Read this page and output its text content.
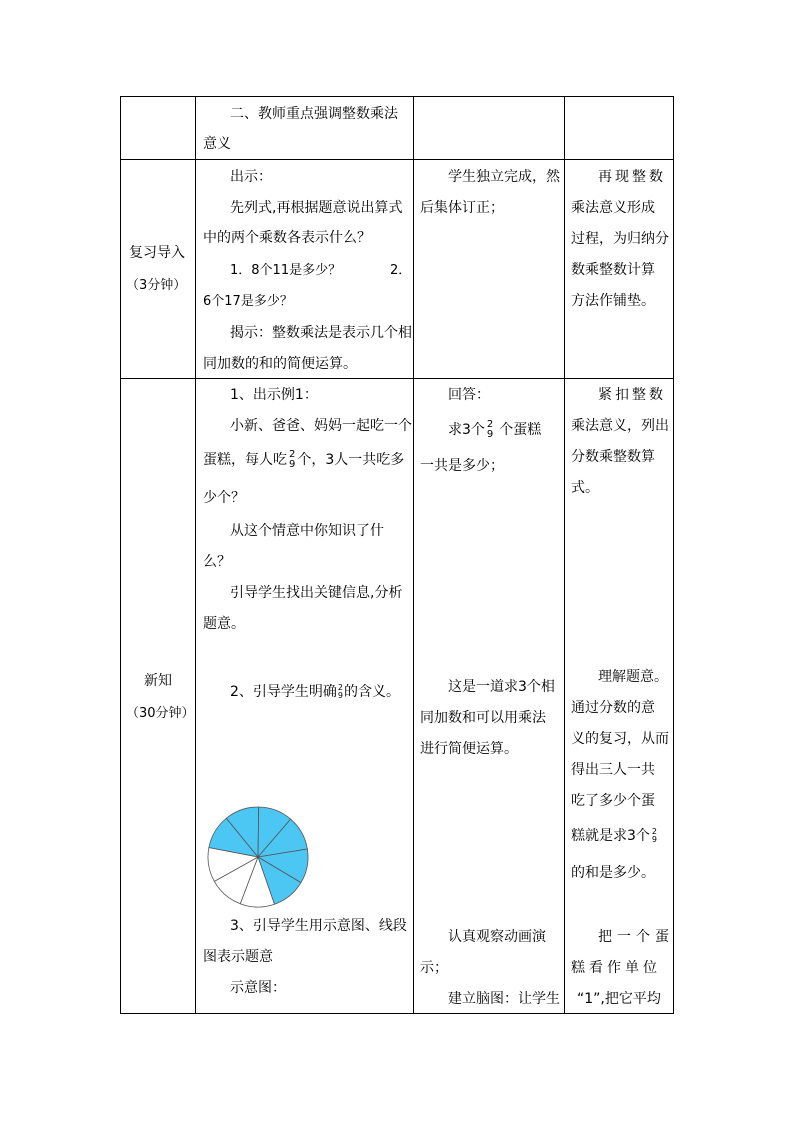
二、教师重点强调整数乘法
意义
复习导入
（3分钟）
出示：
先列式,再根据题意说出算式
中的两个乘数各表示什么？
1．8个11是多少？	2．
6个17是多少？
揭示：整数乘法是表示几个相
同加数的和的简便运算。
学生独立完成，然
后集体订正；
再现整数
乘法意义形成
过程，为归纳分
数乘整数计算
方法作铺垫。
新知
（30分钟）
1、出示例1：
小新、爸爸、妈妈一起吃一个
蛋糕，每人吃 2
9 个，3人一共吃多
少个？
从这个情意中你知识了什
么？
引导学生找出关键信息,分析
题意。
2、引导学生明确 2
9 的含义。
3、引导学生用示意图、线段
图表示题意
示意图：
回答：
求3个 2
9 个蛋糕
一共是多少；
这是一道求3个相
同加数和可以用乘法
进行简便运算。
认真观察动画演
示；
建立脑图：让学生
紧扣整数
乘法意义，列出
分数乘整数算
式。
理解题意。
通过分数的意
义的复习，从而
得出三人一共
吃了多少个蛋
糕就是求3个 2
9
的和是多少。
把一个蛋
糕看作单位
“1”,把它平均
